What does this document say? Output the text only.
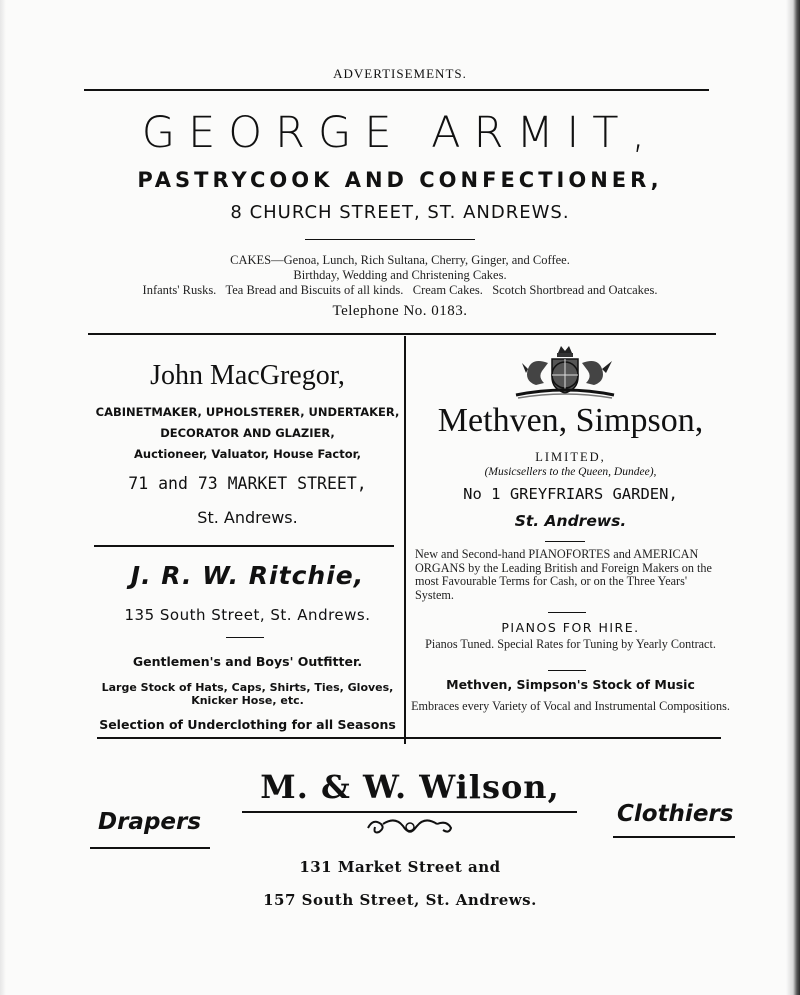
ADVERTISEMENTS.
GEORGE ARMIT,
PASTRYCOOK AND CONFECTIONER,
8 CHURCH STREET, ST. ANDREWS.
CAKES—Genoa, Lunch, Rich Sultana, Cherry, Ginger, and Coffee.
Birthday, Wedding and Christening Cakes.
Infants' Rusks.   Tea Bread and Biscuits of all kinds.   Cream Cakes.   Scotch Shortbread and Oatcakes.
Telephone No. 0183.
John MacGregor,
CABINETMAKER, UPHOLSTERER, UNDERTAKER,
DECORATOR AND GLAZIER,
Auctioneer, Valuator, House Factor,
71 and 73 MARKET STREET,
St. Andrews.
J. R. W. Ritchie,
135 South Street, St. Andrews.
Gentlemen's and Boys' Outfitter.
Large Stock of Hats, Caps, Shirts, Ties, Gloves, Knicker Hose, etc.
Selection of Underclothing for all Seasons
Methven, Simpson,
LIMITED,
(Musicsellers to the Queen, Dundee),
No 1 GREYFRIARS GARDEN,
St. Andrews.
New and Second-hand PIANOFORTES and AMERICAN ORGANS by the Leading British and Foreign Makers on the most Favourable Terms for Cash, or on the Three Years' System.
PIANOS FOR HIRE.
Pianos Tuned. Special Rates for Tuning by Yearly Contract.
Methven, Simpson's Stock of Music
Embraces every Variety of Vocal and Instrumental Compositions.
M. & W. Wilson,
Drapers	Clothiers
131 Market Street and
157 South Street, St. Andrews.
